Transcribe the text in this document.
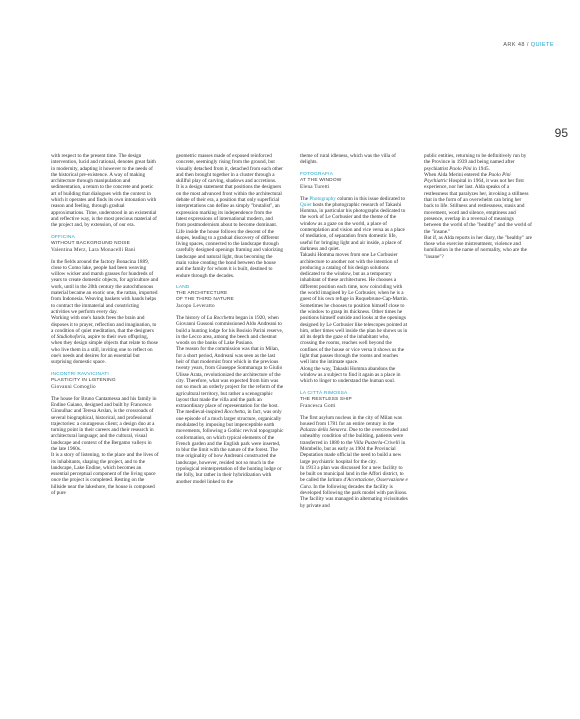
ARK 48 / QUIETE
95

with respect to the present time. The design intervention, lucid and rational, denotes great faith in modernity, adapting it however to the needs of the historical pre-existence. A way of making architecture through manipulation and sedimentation, a return to the concrete and poetic art of building that dialogues with the context in which it operates and finds its own intonation with reason and feeling, through gradual approximations. Time, understood in an existential and reflective way, is the most precious material of the project and, by extension, of our era.

OFFICINA
WITHOUT BACKGROUND NOISE
Valentina Merz, Lara Monacelli Bani

In the fields around the factory Bonacina 1889, close to Como lake, people had been weaving willow wicker and marsh grasses for hundreds of years to create domestic objects, for agriculture and work, until in the 20th century the autochthonous material became an exotic one, the rattan, imported from Indonesia. Weaving baskets with hands helps to contract the immaterial and constricting activities we perform every day.

Working with one's hands frees the brain and disposes it to prayer, reflection and imagination, to a condition of quiet meditation, that the designers of Studiohoforia, aspire to their own offspring, when they design simple objects that relate to those who live them in a still, inviting one to reflect on one's needs and desires for an essential but surprising domestic space.

INCONTRI RAVVICINATI
PLASTICITY IN LISTENING
Giovanni Comoglio

The house for Bruno Cantamessa and his family in Endine Gaiano, designed and built by Francesco Ginoulhac and Teresa Arslan, is the crossroads of several biographical, historical, and professional trajectories: a courageous client; a design duo at a turning point in their careers and their research in architectural language; and the cultural, visual landscape and context of the Bergamo valleys in the late 1960s.

It is a story of listening, to the place and the lives of its inhabitants, shaping the project, and to the landscape, Lake Endine, which becomes an essential perceptual component of the living space once the project is completed. Resting on the hillside near the lakeshore, the house is composed of pure

geometric masses made of exposed reinforced concrete, seemingly rising from the ground, but visually detached from it, detached from each other and then brought together in a cluster through a skillful play of carving, shadows and accretions.

It is a design statement that positions the designers on the most advanced front within the architectural debate of their era, a position that only superficial interpretations can define as simply "brutalist", an expression marking its independence from the latest expressions of international modern, and from postmodernism about to become dominant.

Life inside the house follows the descent of the slopes, leading to a gradual discovery of different living spaces, connected to the landscape through carefully designed openings framing and valorizing landscape and natural light, thus becoming the main value creating the bond between the house and the family for whom it is built, destined to endure through the decades.

LAND
THE ARCHITECTURE
OF THE THIRD NATURE
Jacopo Leveratto

The history of La Rocchetta began in 1920, when Giovanni Gussoni commissioned Aldo Andreani to build a hunting lodge for his Bosisio Parini reserve, in the Lecco area, among the beech and chestnut woods on the banks of Lake Pusiano.

The reason for the commission was that in Milan, for a short period, Andreani was seen as the last heir of that modernist front which in the previous twenty years, from Giuseppe Sommaruga to Giulio Ulisse Arata, revolutionized the architecture of the city. Therefore, what was expected from him was not so much an orderly project for the reform of the agricultural territory, but rather a scenographic layout that made the villa and the park an extraordinary place of representation for the host.

The medieval-inspired Rocchetta, in fact, was only one episode of a much larger structure, organically modulated by imposing but imperceptible earth movements, following a Gothic revival topographic conformation, on which typical elements of the French garden and the English park were inserted, to blur the limit with the nature of the forest. The true originality of how Andreani constructed the landscape, however, resided not so much in the typological reinterpretation of the hunting lodge or the folly, but rather in their hybridization with another model linked to the

theme of rural idleness, which was the villa of delights.

FOTOGRAFIA
AT THE WINDOW
Elena Turetti

The Photography column in this issue dedicated to Quiet hosts the photographic research of Takashi Homma, in particular his photographs dedicated to the work of Le Corbusier and the theme of the window as a gaze on the world, a place of contemplation and vision and vice versa as a place of mediation, of separation from domestic life, useful for bringing light and air inside, a place of darkness and quiet.

Takashi Homma moves from one Le Corbusier architecture to another not with the intention of producing a catalog of his design solutions dedicated to the window, but as a temporary inhabitant of these architectures. He chooses a different position each time, now coinciding with the world imagined by Le Corbusier, when he is a guest of his own refuge in Roquebrune-Cap-Martin. Sometimes he chooses to position himself close to the window to grasp its thickness. Other times he positions himself outside and looks at the openings designed by Le Corbusier like telescopes pointed at him, other times well inside the plan he shows us in all its depth the gaze of the inhabitant who, crossing the rooms, reaches well beyond the confines of the house or vice versa it shows us the light that passes through the rooms and reaches well into the intimate space.

Along the way, Takashi Homma abandons the window as a subject to find it again as a place in which to linger to understand the human soul.

LA CITTÀ RIMOSSA
THE RESTLESS SHIP
Francesca Gotti

The first asylum nucleus in the city of Milan was housed from 1781 for an entire century in the Palazzo della Senavra. Due to the overcrowded and unhealthy condition of the building, patients were transferred in 1880 to the Villa Pusterla-Crivelli in Mombello, but as early as 1904 the Provincial Deputation made official the need to build a new large psychiatric hospital for the city.

In 1913 a plan was discussed for a new facility to be built on municipal land in the Affori district, to be called the Istituto d'Accettazione, Osservazione e Cura. In the following decades the facility is developed following the park model with pavilions.

The facility was managed in alternating vicissitudes by private and

public entities, returning to be definitively run by the Province in 1939 and being named after psychiatrist Paolo Pini in 1945.

When Alda Merini entered the Paolo Pini Psychiatric Hospital in 1964, it was not her first experience, nor her last. Alda speaks of a restlessness that paralyzes her, invoking a stillness that in the form of an overwhelm can bring her back to life. Stillness and restlessness, stasis and movement, word and silence, emptiness and presence, overlap in a reversal of meanings between the world of the "healthy" and the world of the "insane."

But if, as Alda reports in her diary, the "healthy" are those who exercise mistreatment, violence and humiliation in the name of normality, who are the "insane"?
